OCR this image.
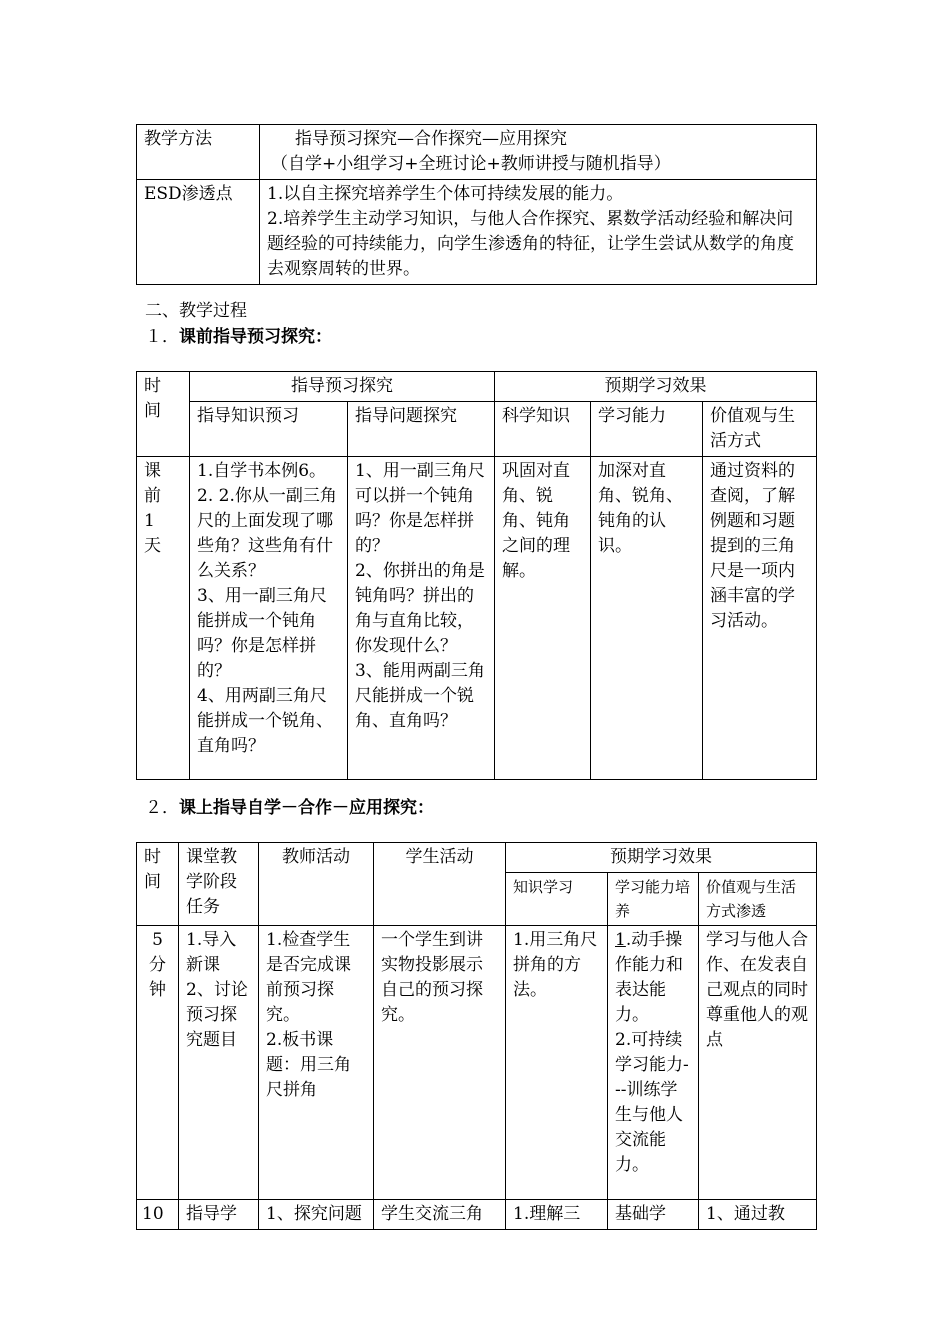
教学方法	指导预习探究—合作探究—应用探究
（自学+小组学习+全班讨论+教师讲授与随机指导）

ESD渗透点	1.以自主探究培养学生个体可持续发展的能力。
2.培养学生主动学习知识，与他人合作探究、累数学活动经验和解决问题经验的可持续能力，向学生渗透角的特征，让学生尝试从数学的角度去观察周转的世界。
二、教学过程
１．课前指导预习探究：
时
间	指导预习探究		预期学习效果		
	指导知识预习	指导问题探究	科学知识	学习能力	价值观与生活方式
课
前
1
天	1.自学书本例6。
2. 2.你从一副三角尺的上面发现了哪些角？这些角有什么关系？
3、用一副三角尺能拼成一个钝角吗？你是怎样拼的？
4、用两副三角尺能拼成一个锐角、直角吗？	1、用一副三角尺可以拼一个钝角吗？你是怎样拼的？
2、你拼出的角是钝角吗？拼出的角与直角比较，你发现什么？
3、能用两副三角尺能拼成一个锐角、直角吗？	巩固对直角、锐角、钝角之间的理解。	加深对直角、锐角、钝角的认识。	通过资料的查阅，了解例题和习题提到的三角尺是一项内涵丰富的学习活动。
２．课上指导自学－合作－应用探究：
时
间	课堂教学阶段任务	教师活动	学生活动	预期学习效果		
				知识学习	学习能力培养	价值观与生活方式渗透
5
分
钟	1.导入新课
2、讨论预习探究题目	1.检查学生是否完成课前预习探究。
2.板书课题：用三角尺拼角	一个学生到讲实物投影展示自己的预习探究。	1.用三角尺拼角的方法。	1.动手操作能力和表达能力。
2.可持续学习能力---训练学生与他人交流能力。	学习与他人合作、在发表自己观点的同时尊重他人的观点
10	指导学	1、探究问题	学生交流三角	1.理解三	基础学	1、通过教
